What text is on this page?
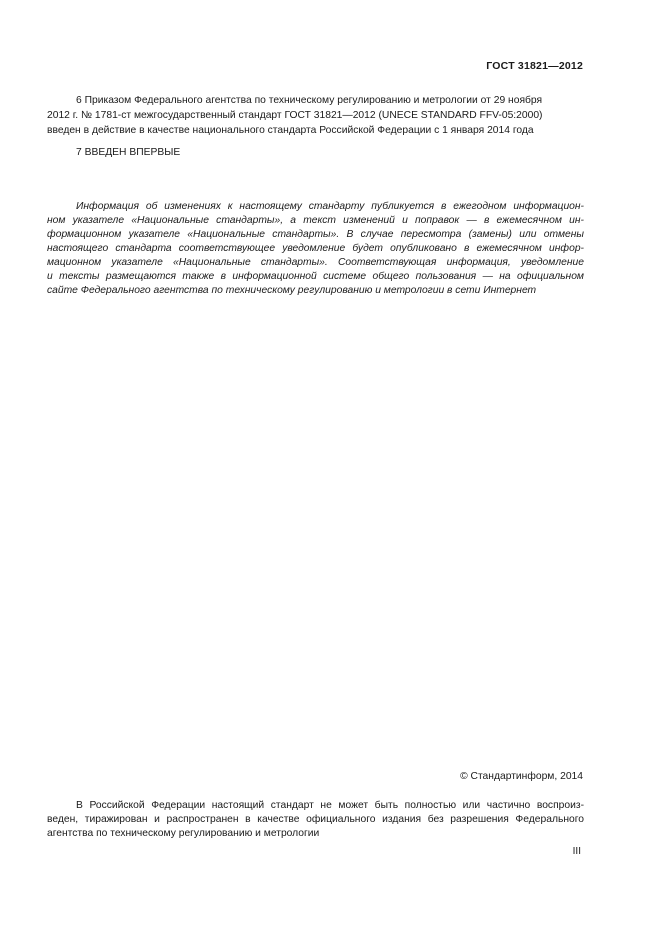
ГОСТ 31821—2012

6 Приказом Федерального агентства по техническому регулированию и метрологии от 29 ноября
2012 г. № 1781-ст межгосударственный стандарт ГОСТ 31821—2012 (UNECE STANDARD FFV-05:2000)
введен в действие в качестве национального стандарта Российской Федерации с 1 января 2014 года

7 ВВЕДЕН ВПЕРВЫЕ

Информация об изменениях к настоящему стандарту публикуется в ежегодном информацион-
ном указателе «Национальные стандарты», а текст изменений и поправок — в ежемесячном ин-
формационном указателе «Национальные стандарты». В случае пересмотра (замены) или отмены
настоящего стандарта соответствующее уведомление будет опубликовано в ежемесячном инфор-
мационном указателе «Национальные стандарты». Соответствующая информация, уведомление
и тексты размещаются также в информационной системе общего пользования — на официальном
сайте Федерального агентства по техническому регулированию и метрологии в сети Интернет

© Стандартинформ, 2014

В Российской Федерации настоящий стандарт не может быть полностью или частично воспроиз-
веден, тиражирован и распространен в качестве официального издания без разрешения Федерального
агентства по техническому регулированию и метрологии

III
